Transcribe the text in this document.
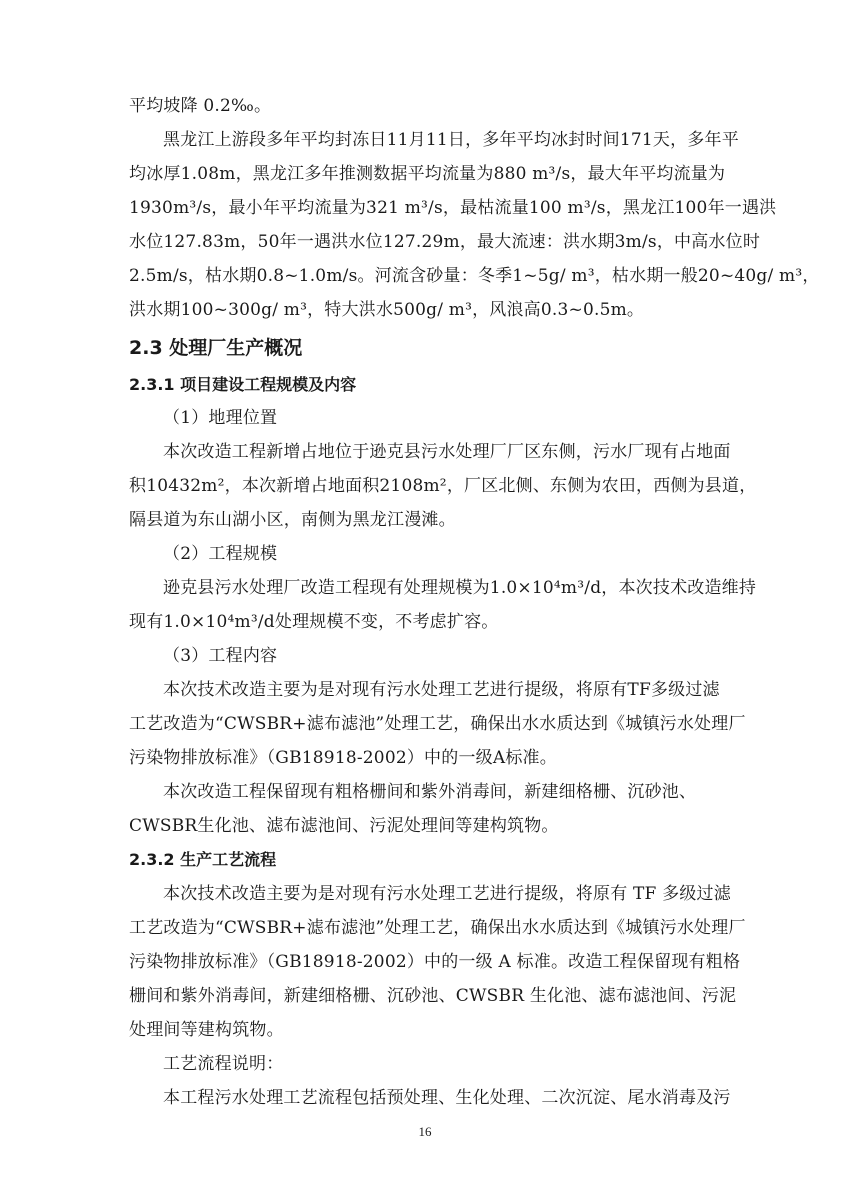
平均坡降 0.2‰。
黑龙江上游段多年平均封冻日11月11日，多年平均冰封时间171天，多年平
均冰厚1.08m，黑龙江多年推测数据平均流量为880 m³/s，最大年平均流量为
1930m³/s，最小年平均流量为321 m³/s，最枯流量100 m³/s，黑龙江100年一遇洪
水位127.83m，50年一遇洪水位127.29m，最大流速：洪水期3m/s，中高水位时
2.5m/s，枯水期0.8~1.0m/s。河流含砂量：冬季1~5g/ m³，枯水期一般20~40g/ m³，
洪水期100~300g/ m³，特大洪水500g/ m³，风浪高0.3~0.5m。
2.3 处理厂生产概况
2.3.1 项目建设工程规模及内容
（1）地理位置
本次改造工程新增占地位于逊克县污水处理厂厂区东侧，污水厂现有占地面
积10432m²，本次新增占地面积2108m²，厂区北侧、东侧为农田，西侧为县道，
隔县道为东山湖小区，南侧为黑龙江漫滩。
（2）工程规模
逊克县污水处理厂改造工程现有处理规模为1.0×10⁴m³/d，本次技术改造维持
现有1.0×10⁴m³/d处理规模不变，不考虑扩容。
（3）工程内容
本次技术改造主要为是对现有污水处理工艺进行提级，将原有TF多级过滤
工艺改造为“CWSBR+滤布滤池”处理工艺，确保出水水质达到《城镇污水处理厂
污染物排放标准》（GB18918-2002）中的一级A标准。
本次改造工程保留现有粗格栅间和紫外消毒间，新建细格栅、沉砂池、
CWSBR生化池、滤布滤池间、污泥处理间等建构筑物。
2.3.2 生产工艺流程
本次技术改造主要为是对现有污水处理工艺进行提级，将原有 TF 多级过滤
工艺改造为“CWSBR+滤布滤池”处理工艺，确保出水水质达到《城镇污水处理厂
污染物排放标准》（GB18918-2002）中的一级 A 标准。改造工程保留现有粗格
栅间和紫外消毒间，新建细格栅、沉砂池、CWSBR 生化池、滤布滤池间、污泥
处理间等建构筑物。
工艺流程说明：
本工程污水处理工艺流程包括预处理、生化处理、二次沉淀、尾水消毒及污
16
